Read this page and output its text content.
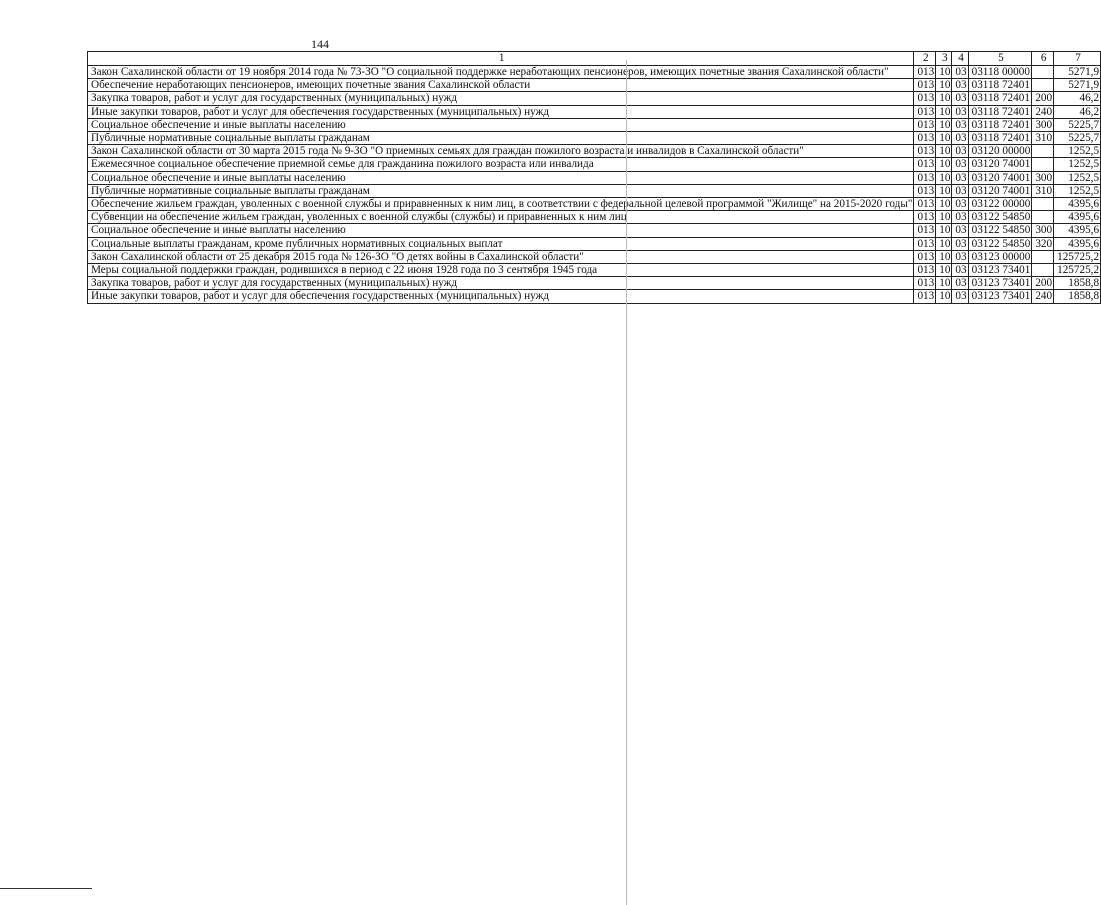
144
1	2	3	4	5	6	7
Закон Сахалинской области от 19 ноября 2014 года № 73-ЗО "О социальной поддержке неработающих пенсионеров, имеющих почетные звания Сахалинской области"	013	10	03	03118 00000		5271,9
Обеспечение неработающих пенсионеров, имеющих почетные звания Сахалинской области	013	10	03	03118 72401		5271,9
Закупка товаров, работ и услуг для государственных (муниципальных) нужд	013	10	03	03118 72401	200	46,2
Иные закупки товаров, работ и услуг для обеспечения государственных (муниципальных) нужд	013	10	03	03118 72401	240	46,2
Социальное обеспечение и иные выплаты населению	013	10	03	03118 72401	300	5225,7
Публичные нормативные социальные выплаты гражданам	013	10	03	03118 72401	310	5225,7
Закон Сахалинской области от 30 марта 2015 года № 9-ЗО "О приемных семьях для граждан пожилого возраста и инвалидов в Сахалинской области"	013	10	03	03120 00000		1252,5
Ежемесячное социальное обеспечение приемной семье для гражданина пожилого возраста или инвалида	013	10	03	03120 74001		1252,5
Социальное обеспечение и иные выплаты населению	013	10	03	03120 74001	300	1252,5
Публичные нормативные социальные выплаты гражданам	013	10	03	03120 74001	310	1252,5
Обеспечение жильем граждан, уволенных с военной службы и приравненных к ним лиц, в соответствии с федеральной целевой программой "Жилище" на 2015-2020 годы"	013	10	03	03122 00000		4395,6
Субвенции на обеспечение жильем граждан, уволенных с военной службы (службы) и приравненных к ним лиц	013	10	03	03122 54850		4395,6
Социальное обеспечение и иные выплаты населению	013	10	03	03122 54850	300	4395,6
Социальные выплаты гражданам, кроме публичных нормативных социальных выплат	013	10	03	03122 54850	320	4395,6
Закон Сахалинской области от 25 декабря 2015 года № 126-ЗО "О детях войны в Сахалинской области"	013	10	03	03123 00000		125725,2
Меры социальной поддержки граждан, родившихся в период с 22 июня 1928 года по 3 сентября 1945 года	013	10	03	03123 73401		125725,2
Закупка товаров, работ и услуг для государственных (муниципальных) нужд	013	10	03	03123 73401	200	1858,8
Иные закупки товаров, работ и услуг для обеспечения государственных (муниципальных) нужд	013	10	03	03123 73401	240	1858,8
